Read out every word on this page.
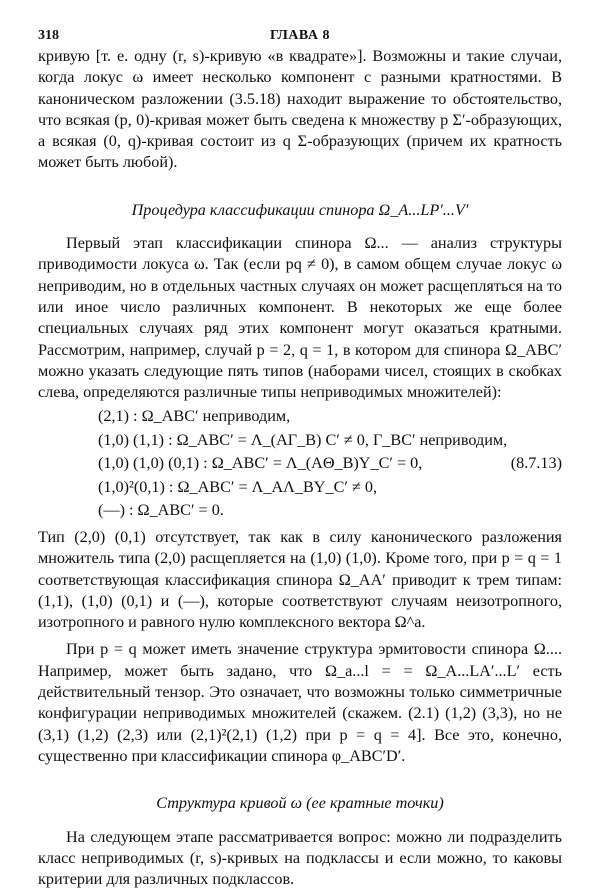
318	ГЛАВА 8

кривую [т. е. одну (r, s)-кривую «в квадрате»]. Возможны и такие случаи, когда локус ω имеет несколько компонент с разными кратностями. В каноническом разложении (3.5.18) находит выражение то обстоятельство, что всякая (p, 0)-кривая может быть сведена к множеству p Σ′-образующих, а всякая (0, q)-кривая состоит из q Σ-образующих (причем их кратность может быть любой).

Процедура классификации спинора Ω_A...LP′...V′

Первый этап классификации спинора Ω... — анализ структуры приводимости локуса ω. Так (если pq ≠ 0), в самом общем случае локус ω неприводим, но в отдельных частных случаях он может расщепляться на то или иное число различных компонент. В некоторых же еще более специальных случаях ряд этих компонент могут оказаться кратными. Рассмотрим, например, случай p = 2, q = 1, в котором для спинора Ω_ABC′ можно указать следующие пять типов (наборами чисел, стоящих в скобках слева, определяются различные типы неприводимых множителей):

(2,1) : Ω_ABC′ неприводим,
(1,0) (1,1) : Ω_ABC′ = Λ_(AΓ_B) C′ ≠ 0, Γ_BC′ неприводим,
(1,0) (1,0) (0,1) : Ω_ABC′ = Λ_(AΘ_B)Υ_C′ = 0,
(1,0)²(0,1) : Ω_ABC′ = Λ_AΛ_BΥ_C′ ≠ 0,
(—) : Ω_ABC′ = 0.
(8.7.13)

Тип (2,0) (0,1) отсутствует, так как в силу канонического разложения множитель типа (2,0) расщепляется на (1,0) (1,0). Кроме того, при p = q = 1 соответствующая классификация спинора Ω_AA′ приводит к трем типам: (1,1), (1,0) (0,1) и (—), которые соответствуют случаям неизотропного, изотропного и равного нулю комплексного вектора Ω^a.

При p = q может иметь значение структура эрмитовости спинора Ω.... Например, может быть задано, что Ω_a...l = = Ω_A...LA′...L′ есть действительный тензор. Это означает, что возможны только симметричные конфигурации неприводимых множителей (скажем. (2.1) (1,2) (3,3), но не (3,1) (1,2) (2,3) или (2,1)²(2,1) (1,2) при p = q = 4]. Все это, конечно, существенно при классификации спинора φ_ABC′D′.

Структура кривой ω (ее кратные точки)

На следующем этапе рассматривается вопрос: можно ли подразделить класс неприводимых (r, s)-кривых на подклассы и если можно, то каковы критерии для различных подклассов.
